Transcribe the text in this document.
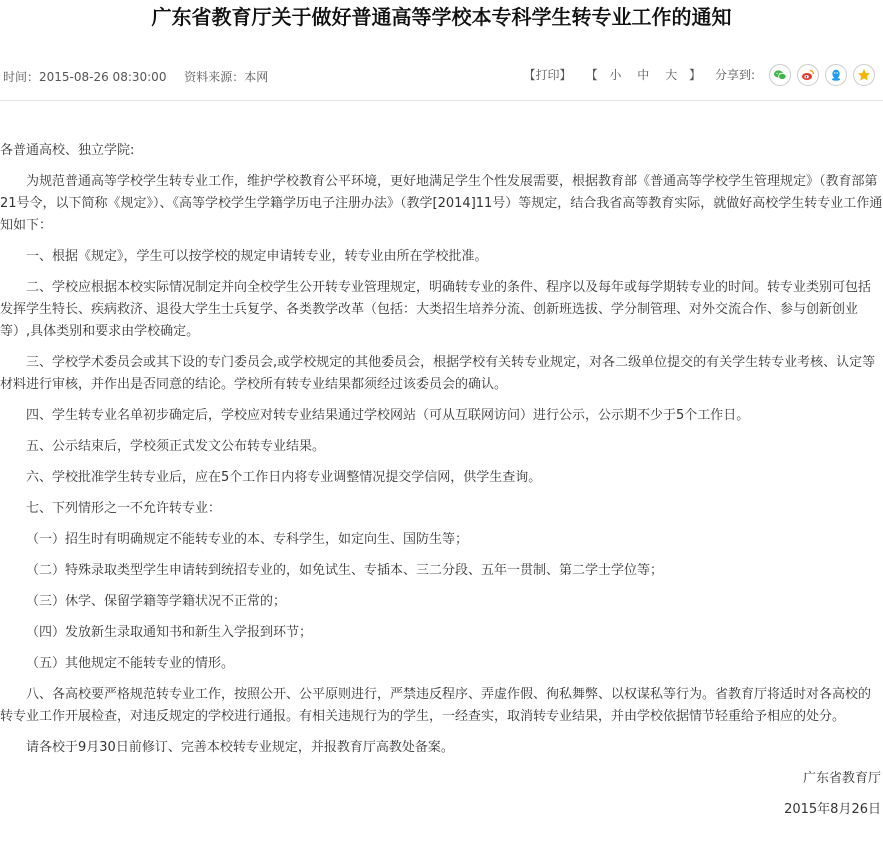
广东省教育厅关于做好普通高等学校本专科学生转专业工作的通知
时间：2015-08-26 08:30:00 资料来源：本网	【打印】 【 小 中 大 】 分享到:

各普通高校、独立学院:

为规范普通高等学校学生转专业工作，维护学校教育公平环境，更好地满足学生个性发展需要，根据教育部《普通高等学校学生管理规定》（教育部第21号令，以下简称《规定》）、《高等学校学生学籍学历电子注册办法》（教学[2014]11号）等规定，结合我省高等教育实际，就做好高校学生转专业工作通知如下：

一、根据《规定》，学生可以按学校的规定申请转专业，转专业由所在学校批准。

二、学校应根据本校实际情况制定并向全校学生公开转专业管理规定，明确转专业的条件、程序以及每年或每学期转专业的时间。转专业类别可包括发挥学生特长、疾病救济、退役大学生士兵复学、各类教学改革（包括：大类招生培养分流、创新班选拔、学分制管理、对外交流合作、参与创新创业等）,具体类别和要求由学校确定。

三、学校学术委员会或其下设的专门委员会,或学校规定的其他委员会，根据学校有关转专业规定，对各二级单位提交的有关学生转专业考核、认定等材料进行审核，并作出是否同意的结论。学校所有转专业结果都须经过该委员会的确认。

四、学生转专业名单初步确定后，学校应对转专业结果通过学校网站（可从互联网访问）进行公示，公示期不少于5个工作日。

五、公示结束后，学校须正式发文公布转专业结果。

六、学校批准学生转专业后，应在5个工作日内将专业调整情况提交学信网，供学生查询。

七、下列情形之一不允许转专业：

（一）招生时有明确规定不能转专业的本、专科学生，如定向生、国防生等；

（二）特殊录取类型学生申请转到统招专业的，如免试生、专插本、三二分段、五年一贯制、第二学士学位等；

（三）休学、保留学籍等学籍状况不正常的；

（四）发放新生录取通知书和新生入学报到环节；

（五）其他规定不能转专业的情形。

八、各高校要严格规范转专业工作，按照公开、公平原则进行，严禁违反程序、弄虚作假、徇私舞弊、以权谋私等行为。省教育厅将适时对各高校的转专业工作开展检查，对违反规定的学校进行通报。有相关违规行为的学生，一经查实，取消转专业结果，并由学校依据情节轻重给予相应的处分。

请各校于9月30日前修订、完善本校转专业规定，并报教育厅高教处备案。

广东省教育厅

2015年8月26日
